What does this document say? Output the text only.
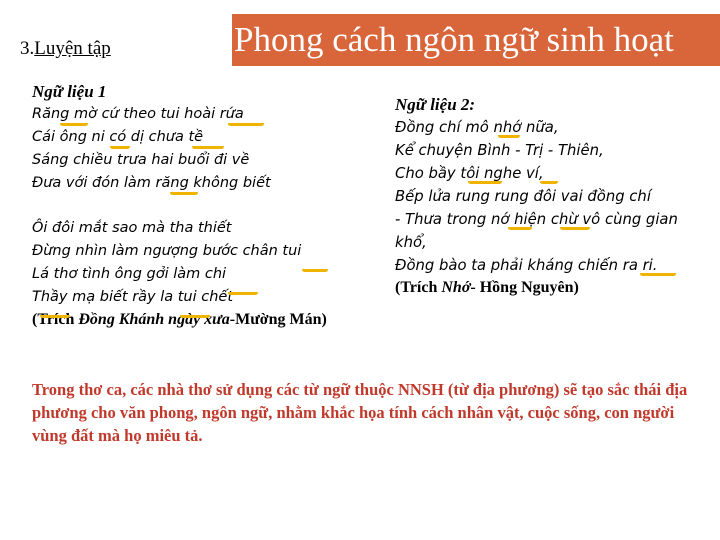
3.Luyện tập	Phong cách ngôn ngữ sinh hoạt
Ngữ liệu 1
Răng mờ cứ theo tui hoài rứa
Cái ông ni có dị chưa tề
Sáng chiều trưa hai buổi đi về
Đưa với đón làm răng không biết
Ôi đôi mắt sao mà tha thiết
Đừng nhìn làm ngượng bước chân tui
Lá thơ tình ông gởi làm chi
Thầy mạ biết rầy la tui chết
(Trích Đồng Khánh ngày xưa-Mường Mán)
Ngữ liệu 2:
Đồng chí mô nhớ nữa,
Kể chuyện Bình - Trị - Thiên,
Cho bầy tôi nghe ví,
Bếp lửa rung rung đôi vai đồng chí
- Thưa trong nớ hiện chừ vô cùng gian
khổ,
Đồng bào ta phải kháng chiến ra ri.
(Trích Nhớ- Hồng Nguyên)
Trong thơ ca, các nhà thơ sử dụng các từ ngữ thuộc NNSH (từ địa phương) sẽ tạo sắc thái địa phương cho văn phong, ngôn ngữ, nhằm khắc họa tính cách nhân vật, cuộc sống, con người vùng đất mà họ miêu tả.
